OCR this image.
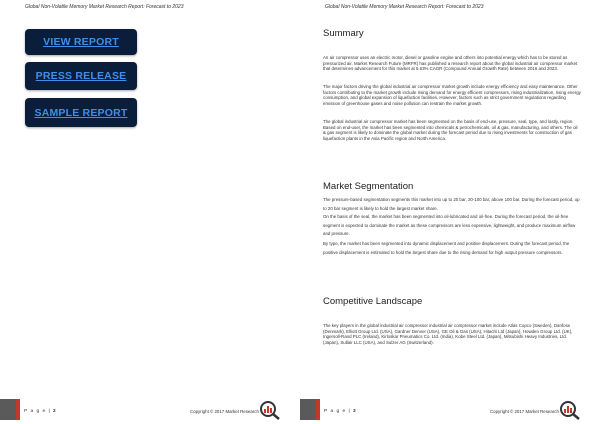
Global Non-Volatile Memory Market Research Report: Forecast to 2023
VIEW REPORT
PRESS RELEASE
SAMPLE REPORT
P a g e | 2	Copyright © 2017 Market Research
Global Non-Volatile Memory Market Research Report: Forecast to 2023
Summary

An air compressor uses an electric motor, diesel or gasoline engine and others into potential energy which has to be stored as pressurized air. Market Research Future (MRFR) has published a research report about the global industrial air compressor market that determines advancement for this market at 5.63% CAGR (Compound Annual Growth Rate) between 2016 and 2023.

The major factors driving the global industrial air compressor market growth include energy efficiency and easy maintenance. Other factors contributing to the market growth include rising demand for energy efficient compressors, rising industrialization, rising energy consumption, and global expansion of liquefaction facilities. However, factors such as strict government regulations regarding emission of greenhouse gases and noise pollution can restrain the market growth.

The global industrial air compressor market has been segmented on the basis of end-use, pressure, seal, type, and lastly, region. Based on end-user, the market has been segmented into chemicals & petrochemicals, oil & gas, manufacturing, and others. The oil & gas segment is likely to dominate the global market during the forecast period due to rising investments for construction of gas liquefaction plants in the Asia Pacific region and North America.

Market Segmentation

The pressure-based segmentation segments this market into up to 20 bar, 20-100 bar, above 100 bar. During the forecast period, up to 20 bar segment is likely to hold the largest market share.

On the basis of the seal, the market has been segmented into oil-lubricated and oil-free. During the forecast period, the oil-free segment is expected to dominate the market as these compressors are less expensive, lightweight, and produce maximum airflow and pressure.

By type, the market has been segmented into dynamic displacement and positive displacement. During the forecast period, the positive displacement is estimated to hold the largest share due to the rising demand for high output pressure compressors.

Competitive Landscape

The key players in the global industrial air compressor industrial air compressor market include Atlas Copco (Sweden), Danfoss (Denmark), Elliott Group Ltd. (USA), Gardner Denver (USA), GE Oil & Gas (USA), Hitachi Ltd (Japan), Howden Group Ltd. (UK), Ingersoll-Rand PLC (Ireland), Kirloskar Pneumatics Co. Ltd. (India), Kobe Steel Ltd. (Japan), Mitsubishi Heavy Industries, Ltd. (Japan), Sullair LLC (USA), and Sulzer AG (Switzerland).

P a g e | 3	Copyright © 2017 Market Research
